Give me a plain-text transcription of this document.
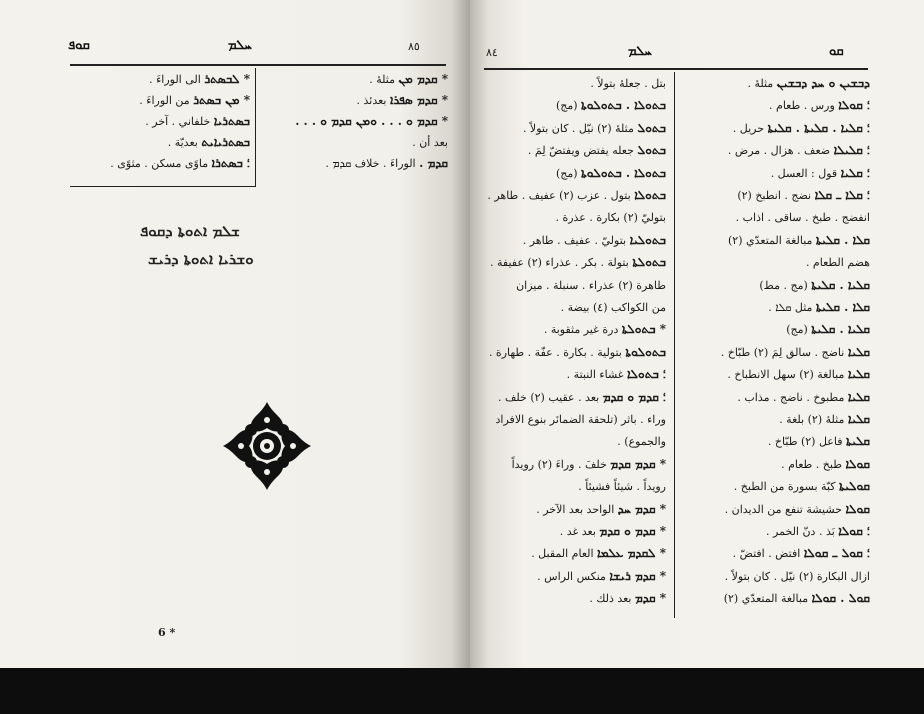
ܩܘܦ	ܚܠܡ	٨٥
* ܩܕܡ ܡܢ مثلهٔ .
* ܩܕܡ ܣܦܪܐ بعدئذ .
* ܩܕܡ ܘ . . . ܘܡܢ ܩܕܡ ܘ . . .
بعد أن .
ܩܕܡ . الوراءَ . خلاف ܩܕܡ .
* ܠܒܣܬܪ الى الوراءَ .
* ܡܢ ܒܣܬܪ من الوراءَ .
ܒܣܬܪܝܐ خلفاني . آخر .
ܒܣܬܪܝܐܝܬ بعديّة .
؛ ܒܣܬܪܐ ماوًى مسكن . مثوًى .
ܫܠܡ ܐܬܘܬܐ ܕܩܘܦ
ܘܫܪܝܐ ܐܬܘܬܐ ܕܪܝܫ
6 *
ܩܘ
ܚܠܡ
٨٤
ܕܒܫܝܢ ܘ ܚܕ ܕܒܫܝܢ مثلهٔ .
؛ ܩܘܠܐ ورس . طعام .
؛ ܩܠܝܐ . ܩܠܝܬܐ . ܩܠܝܬܐ حريل .
؛ ܩܠܝܠܐ ضعف . هزال . مرض .
؛ ܩܠܝܐ قول : العسل .
؛ ܩܠܐ ـ ܩܠܐ نضج . انطبخ (٢)
انفضج . طبخ . ساقى . اذاب .
ܩܠܐ . ܩܠܝܬܐ مبالغة المتعدّي (٢)
هضم الطعام .
ܩܠܝܐ . ܩܠܝܬܐ (مج . مط)
ܩܠܐ . ܩܠܝܬܐ مثل ܩܠܐ .
ܩܠܝܐ . ܩܠܝܬܐ (مج)
ܩܠܝܐ ناضج . سالق لِمَ (٢) طبّاخ .
ܩܠܝܐ مبالغة (٢) سهل الانطباخ .
ܩܠܝܐ مطبوخ . ناضج . مذاب .
ܩܠܝܐ مثلهٔ (٢) بلغة .
ܩܠܝܬܐ فاعل (٢) طبّاخ .
ܩܘܠܐ طبخ . طعام .
ܩܘܠܝܬܐ كبّة بسورة من الطبخ .
ܩܘܠܐ حشيشة تنفع من الديدان .
؛ ܩܘܠܐ بَذ . دنّ الخمر .
؛ ܩܘܠ ـ ܩܘܠܐ افتض . افتضّ .
ازال البكارة (٢) نيّل . كان بتولاً .
ܩܘܠ . ܩܘܠܐ مبالغة المتعدّي (٢)
بتل . جعلهٔ بتولاً .
ܒܬܘܠܐ . ܒܬܘܠܘܬܐ (مج)
ܒܬܘܠ مثلهٔ (٢) نيّل . كان بتولاً .
ܒܬܘܠ جعله يفتض ويفتضّ لِمَ .
ܒܬܘܠܐ . ܒܬܘܠܘܬܐ (مج)
ܒܬܘܠܐ بتول . عزب (٢) عفيف . طاهر .
بتوليّ (٢) بكارة . عذرة .
ܒܬܘܠܝܐ بتوليّ . عفيف . طاهر .
ܒܬܘܠܬܐ بتولة . بكر . عذراء (٢) عفيفة .
طاهرة (٢) عذراء . سنبلة . ميزان
من الكواكب (٤) بيضة .
* ܒܬܘܠܬܐ درة غير مثقوبة .
ܒܬܘܠܘܬܐ بتولية . بكارة . عفّة . طهارة .
؛ ܒܬܘܠܐ غشاء النبتة .
؛ ܩܕܡ ܘ ܩܕܡ بعد . عقيب (٢) خلف .
وراء . باثر (تلحقة الضمائر بنوع الافراد
والجموع) .
* ܩܕܡ ܩܕܡ خلفَ . وراءَ (٢) رويداً
رويداً . شيئاً فشيئاً .
* ܩܕܡ ܚܕ الواحد بعد الآخر .
* ܩܕܡ ܘ ܩܕܡ بعد غد .
* ܠܩܕܡ ܥܠܡܐ العام المقبل .
* ܩܕܡ ܪܝܫܐ منكس الراس .
* ܩܕܡ بعد ذلك .
